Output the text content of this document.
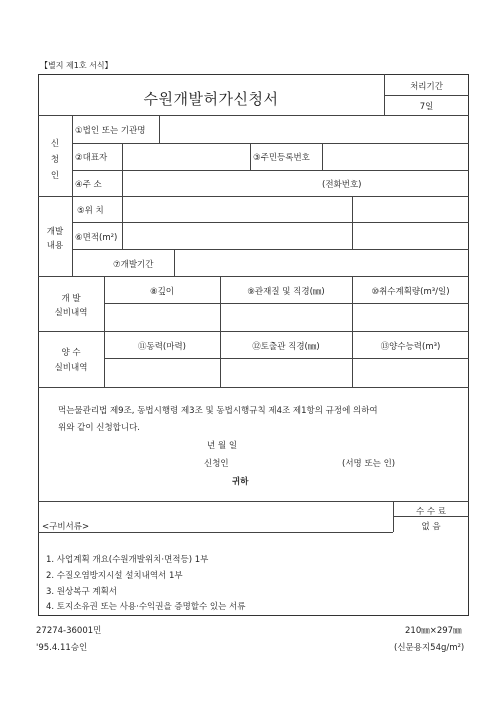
【별지 제1호 서식】
수원개발허가신청서
처리기간
7일
신
청
인
①법인 또는 기관명
②대표자	③주민등록번호
④주 소	(전화번호)
개발
내용
⑤위 치
⑥면적(m²)
⑦개발기간
개 발
실비내역
⑧깊이	⑨관재질 및 직경(㎜)	⑩취수계획량(m³/일)
양 수
실비내역
⑪동력(마력)	⑫토출관 직경(㎜)	⑬양수능력(m³)
먹는물관리법 제9조, 동법시행령 제3조 및 동법시행규칙 제4조 제1항의 규정에 의하여
위와 같이 신청합니다.
년 월 일
신청인	(서명 또는 인)
귀하
수 수 료
없 음
<구비서류>
1. 사업계획 개요(수원개발위치·면적등) 1부
2. 수질오염방지시설 설치내역서 1부
3. 원상복구 계획서
4. 토지소유권 또는 사용·수익권을 증명할수 있는 서류
27274-36001민
'95.4.11승인
210㎜×297㎜
(신문용지54g/m²)
